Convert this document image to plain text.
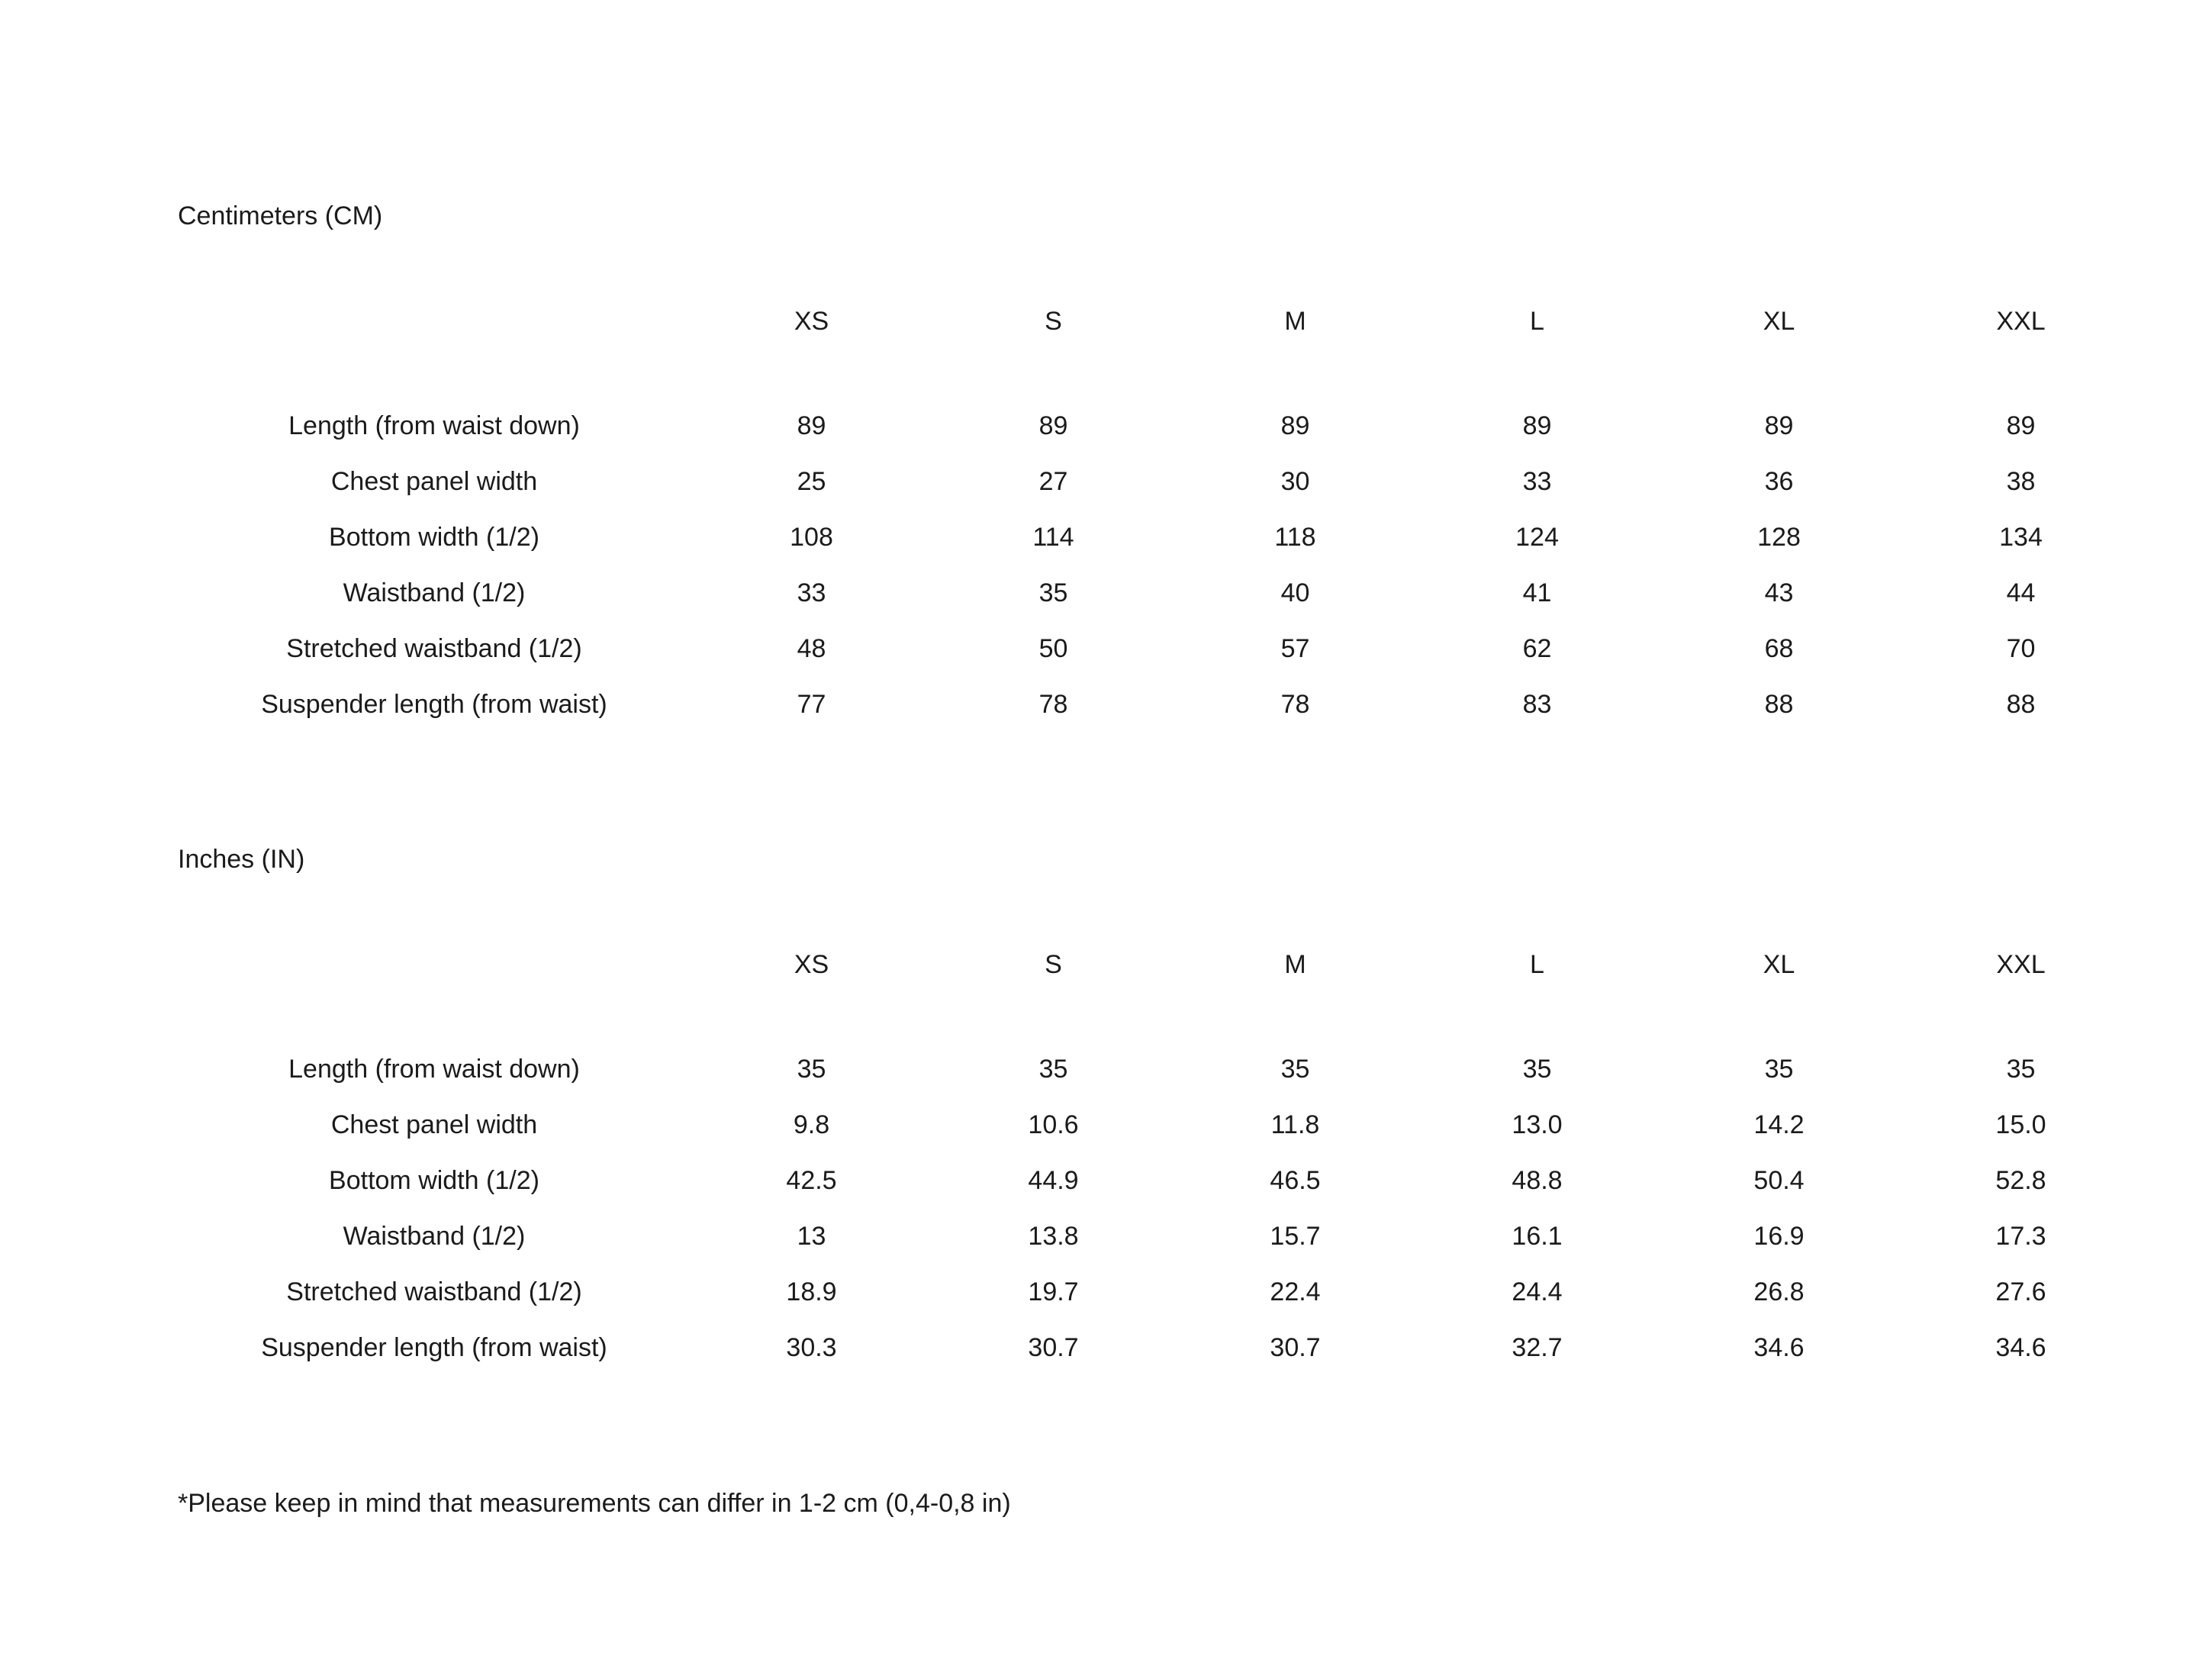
Centimeters (CM)
	XS	S	M	L	XL	XXL

Length (from waist down)	89	89	89	89	89	89
Chest panel width	25	27	30	33	36	38
Bottom width (1/2)	108	114	118	124	128	134
Waistband (1/2)	33	35	40	41	43	44
Stretched waistband (1/2)	48	50	57	62	68	70
Suspender length (from waist)	77	78	78	83	88	88
Inches (IN)
	XS	S	M	L	XL	XXL

Length (from waist down)	35	35	35	35	35	35
Chest panel width	9.8	10.6	11.8	13.0	14.2	15.0
Bottom width (1/2)	42.5	44.9	46.5	48.8	50.4	52.8
Waistband (1/2)	13	13.8	15.7	16.1	16.9	17.3
Stretched waistband (1/2)	18.9	19.7	22.4	24.4	26.8	27.6
Suspender length (from waist)	30.3	30.7	30.7	32.7	34.6	34.6

*Please keep in mind that measurements can differ in 1-2 cm (0,4-0,8 in)
